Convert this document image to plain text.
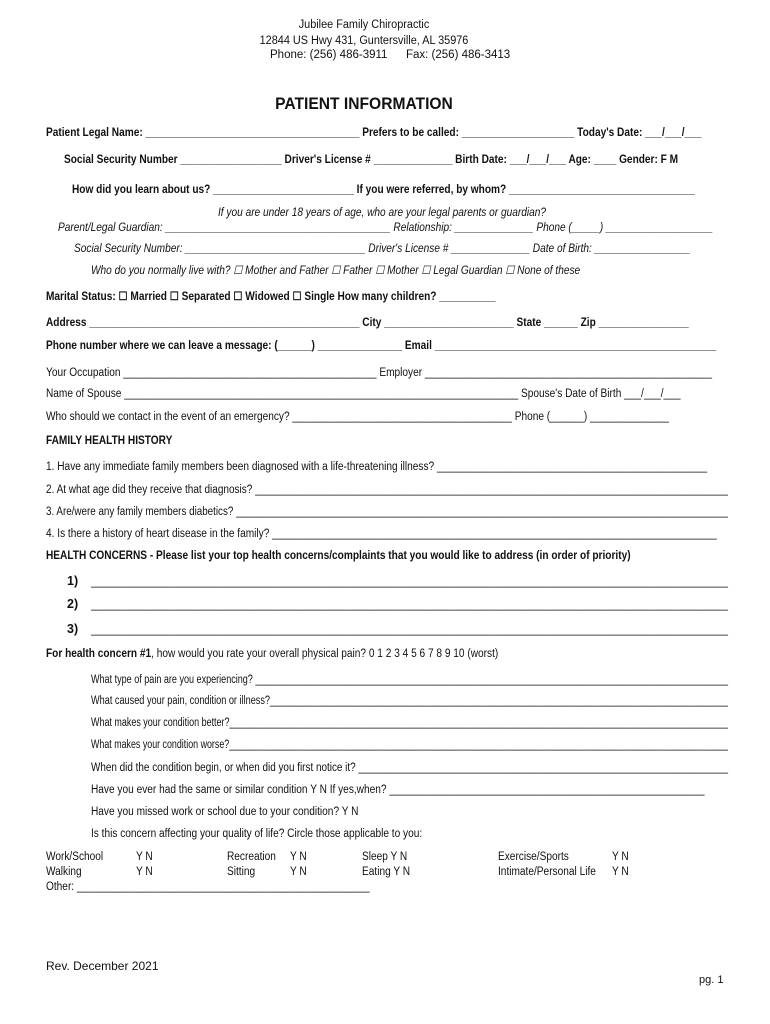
Jubilee Family Chiropractic
12844 US Hwy 431, Guntersville, AL 35976
Phone: (256) 486-3911 Fax: (256) 486-3413
PATIENT INFORMATION
Patient Legal Name: ______________________________________ Prefers to be called: ____________________ Today's Date: ___/___/___
Social Security Number __________________ Driver's License # ______________ Birth Date: ___/___/___ Age: ____ Gender: F M
How did you learn about us? _________________________ If you were referred, by whom? _________________________________
If you are under 18 years of age, who are your legal parents or guardian?
Parent/Legal Guardian: ________________________________________ Relationship: ______________ Phone (_____) ___________________
Social Security Number: ________________________________ Driver's License # ______________ Date of Birth: _________________
Who do you normally live with? ☐ Mother and Father ☐ Father ☐ Mother ☐ Legal Guardian ☐ None of these
Marital Status: ☐ Married ☐ Separated ☐ Widowed ☐ Single How many children? __________
Address ________________________________________________ City _______________________ State ______ Zip ________________
Phone number where we can leave a message: (______) _______________ Email __________________________________________________
Your Occupation _____________________________________________ Employer ___________________________________________________
Name of Spouse ______________________________________________________________________ Spouse's Date of Birth ___/___/___
Who should we contact in the event of an emergency? _______________________________________ Phone (______) ______________
FAMILY HEALTH HISTORY
1. Have any immediate family members been diagnosed with a life-threatening illness? ________________________________________________
2. At what age did they receive that diagnosis? _____________________________________________________________________________________
3. Are/were any family members diabetics? __________________________________________________________________________________________
4. Is there a history of heart disease in the family? _______________________________________________________________________________
HEALTH CONCERNS - Please list your top health concerns/complaints that you would like to address (in order of priority)
1) ______________________________________________________________________________________________________________________________________
2) ______________________________________________________________________________________________________________________________________
3) ______________________________________________________________________________________________________________________________________
For health concern #1, how would you rate your overall physical pain? 0 1 2 3 4 5 6 7 8 9 10 (worst)
What type of pain are you experiencing? ______________________________________________________________________________________________
What caused your pain, condition or illness?__________________________________________________________________________________________
What makes your condition better?____________________________________________________________________________________________________
What makes your condition worse?_____________________________________________________________________________________________________
When did the condition begin, or when did you first notice it? ___________________________________________________________________
Have you ever had the same or similar condition Y N If yes,when? ________________________________________________________
Have you missed work or school due to your condition? Y N
Is this concern affecting your quality of life? Circle those applicable to you:
Work/School	Y N	Recreation Y N	Sleep Y N	Exercise/Sports	Y N
Walking	Y N	Sitting	Y N	Eating Y N	Intimate/Personal Life Y N
Other: ____________________________________________________
Rev. December 2021
pg. 1
